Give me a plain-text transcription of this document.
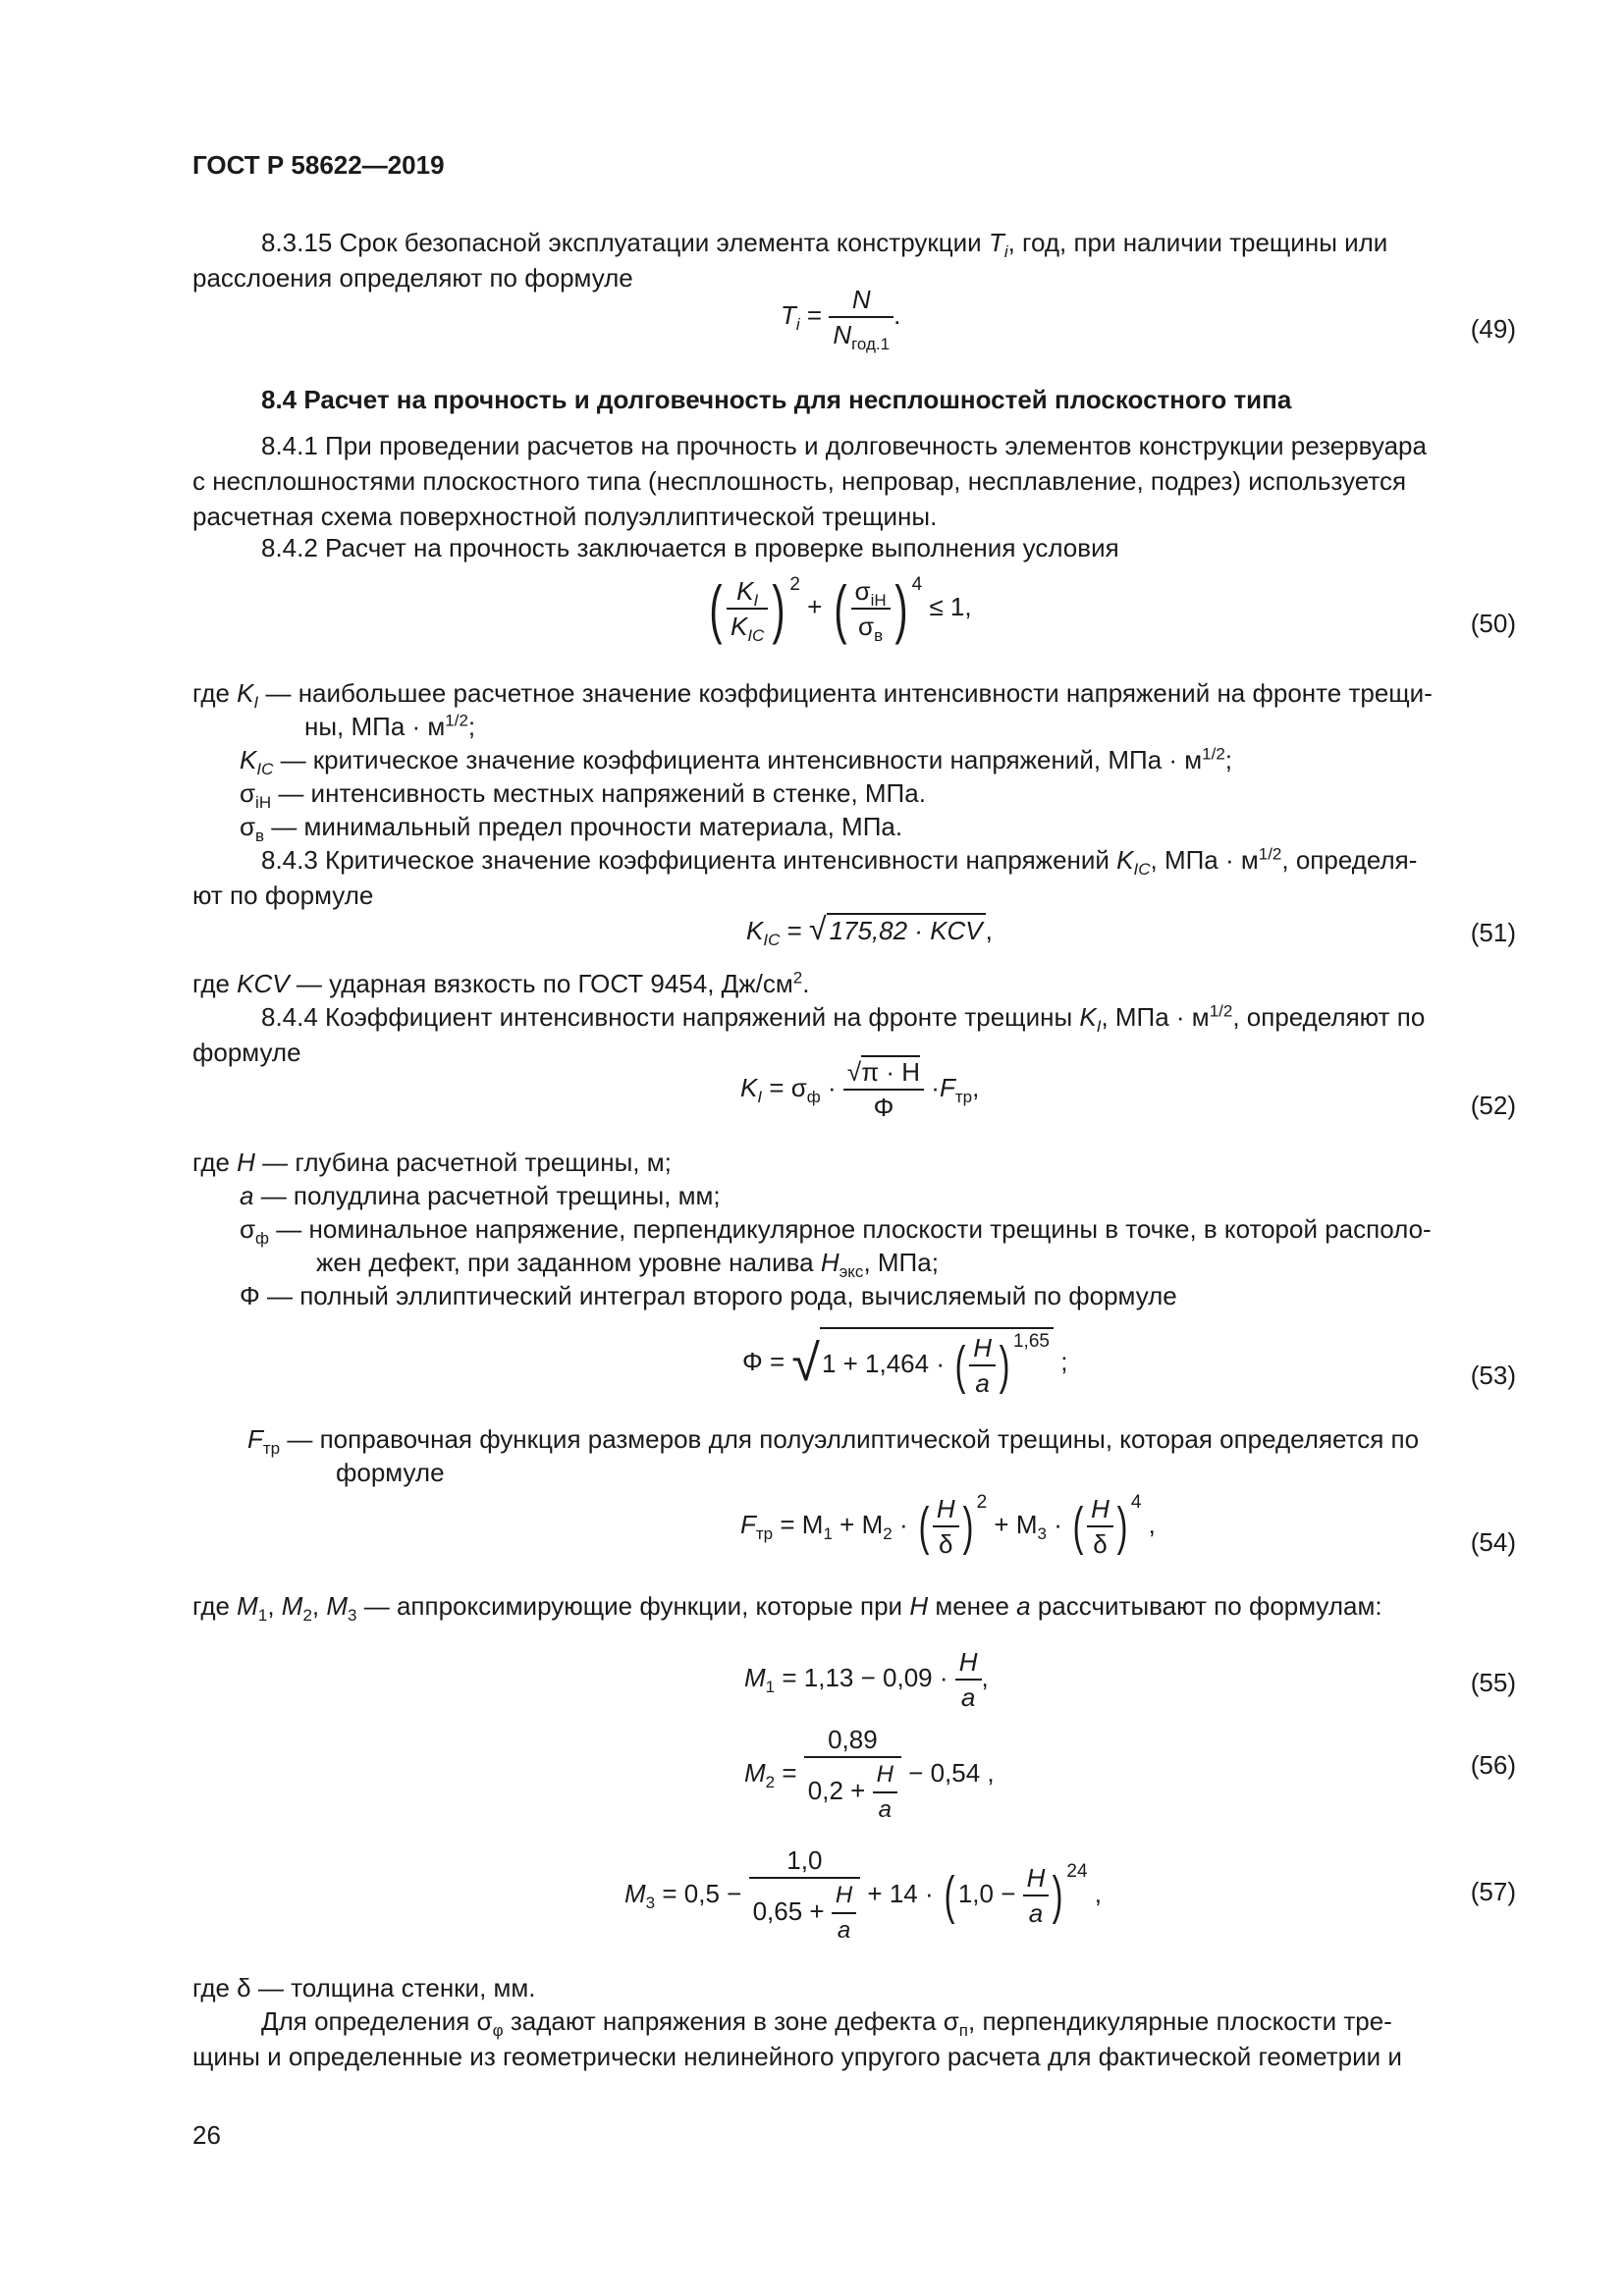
ГОСТ Р 58622—2019
8.3.15 Срок безопасной эксплуатации элемента конструкции $T_i$, год, при наличии трещины или
расслоения определяют по формуле
$T_i = \frac{N}{N_{год.1}}$ .	(49)
8.4 Расчет на прочность и долговечность для несплошностей плоскостного типа
8.4.1 При проведении расчетов на прочность и долговечность элементов конструкции резервуара
с несплошностями плоскостного типа (несплошность, непровар, несплавление, подрез) используется
расчетная схема поверхностной полуэллиптической трещины.
8.4.2 Расчет на прочность заключается в проверке выполнения условия
( $\frac{K_I}{K_{IC}}$ ) $^2$ + ( $\frac{\sigma_{iH}}{\sigma_в}$ ) $^4$ ≤ 1,
(50)
где $K_I$ — наибольшее расчетное значение коэффициента интенсивности напряжений на фронте трещи-
ны, МПа · $м^{1/2}$;
$K_{IC}$ — критическое значение коэффициента интенсивности напряжений, МПа · $м^{1/2}$;
$\sigma_{iH}$ — интенсивность местных напряжений в стенке, МПа.
$\sigma_в$ — минимальный предел прочности материала, МПа.
8.4.3 Критическое значение коэффициента интенсивности напряжений $K_{IC}$, МПа · $м^{1/2}$, определя-
ют по формуле
$K_{IC}$ = √ 175,82 · KCV ,	(51)
где KCV — ударная вязкость по ГОСТ 9454, $Дж/см^2$.
8.4.4 Коэффициент интенсивности напряжений на фронте трещины $K_I$, МПа · $м^{1/2}$, определяют по
формуле
$K_I = \sigma_ф \cdot \frac{√\pi \cdot H}{\Phi} \cdot F_{тр}$,
(52)
где H — глубина расчетной трещины, м;
a — полудлина расчетной трещины, мм;
$\sigma_ф$ — номинальное напряжение, перпендикулярное плоскости трещины в точке, в которой располо-
жен дефект, при заданном уровне налива $H_{экс}$, МПа;
Φ — полный эллиптический интеграл второго рода, вычисляемый по формуле
Φ = √1 + 1,464 · ( $\frac{H}{a}$ ) $^{1,65}$ ;	(53)
$F_{тр}$ — поправочная функция размеров для полуэллиптической трещины, которая определяется по
формуле
$F_{тр} = M_1 + M_2$ · ( $\frac{H}{\delta}$ ) $^2 + M_3$ · ( $\frac{H}{\delta}$ ) $^4$ ,
(54)
где $M_1$, $M_2$, $M_3$ — аппроксимирующие функции, которые при H менее a рассчитывают по формулам:
$M_1 = 1,13 - 0,09 \cdot \frac{H}{a}$ ,	(55)
$M_2 = \frac{0,89}{0,2 + \frac{H}{a}} - 0,54$ ,	(56)
$M_3 = 0,5 - \frac{1,0}{0,65 + \frac{H}{a}} + 14$ · ( $1,0 - \frac{H}{a}$ ) $^{24}$ ,	(57)
где δ — толщина стенки, мм.
Для определения $\sigma_\varphi$ задают напряжения в зоне дефекта $\sigma_п$, перпендикулярные плоскости тре-
щины и определенные из геометрически нелинейного упругого расчета для фактической геометрии и
26
